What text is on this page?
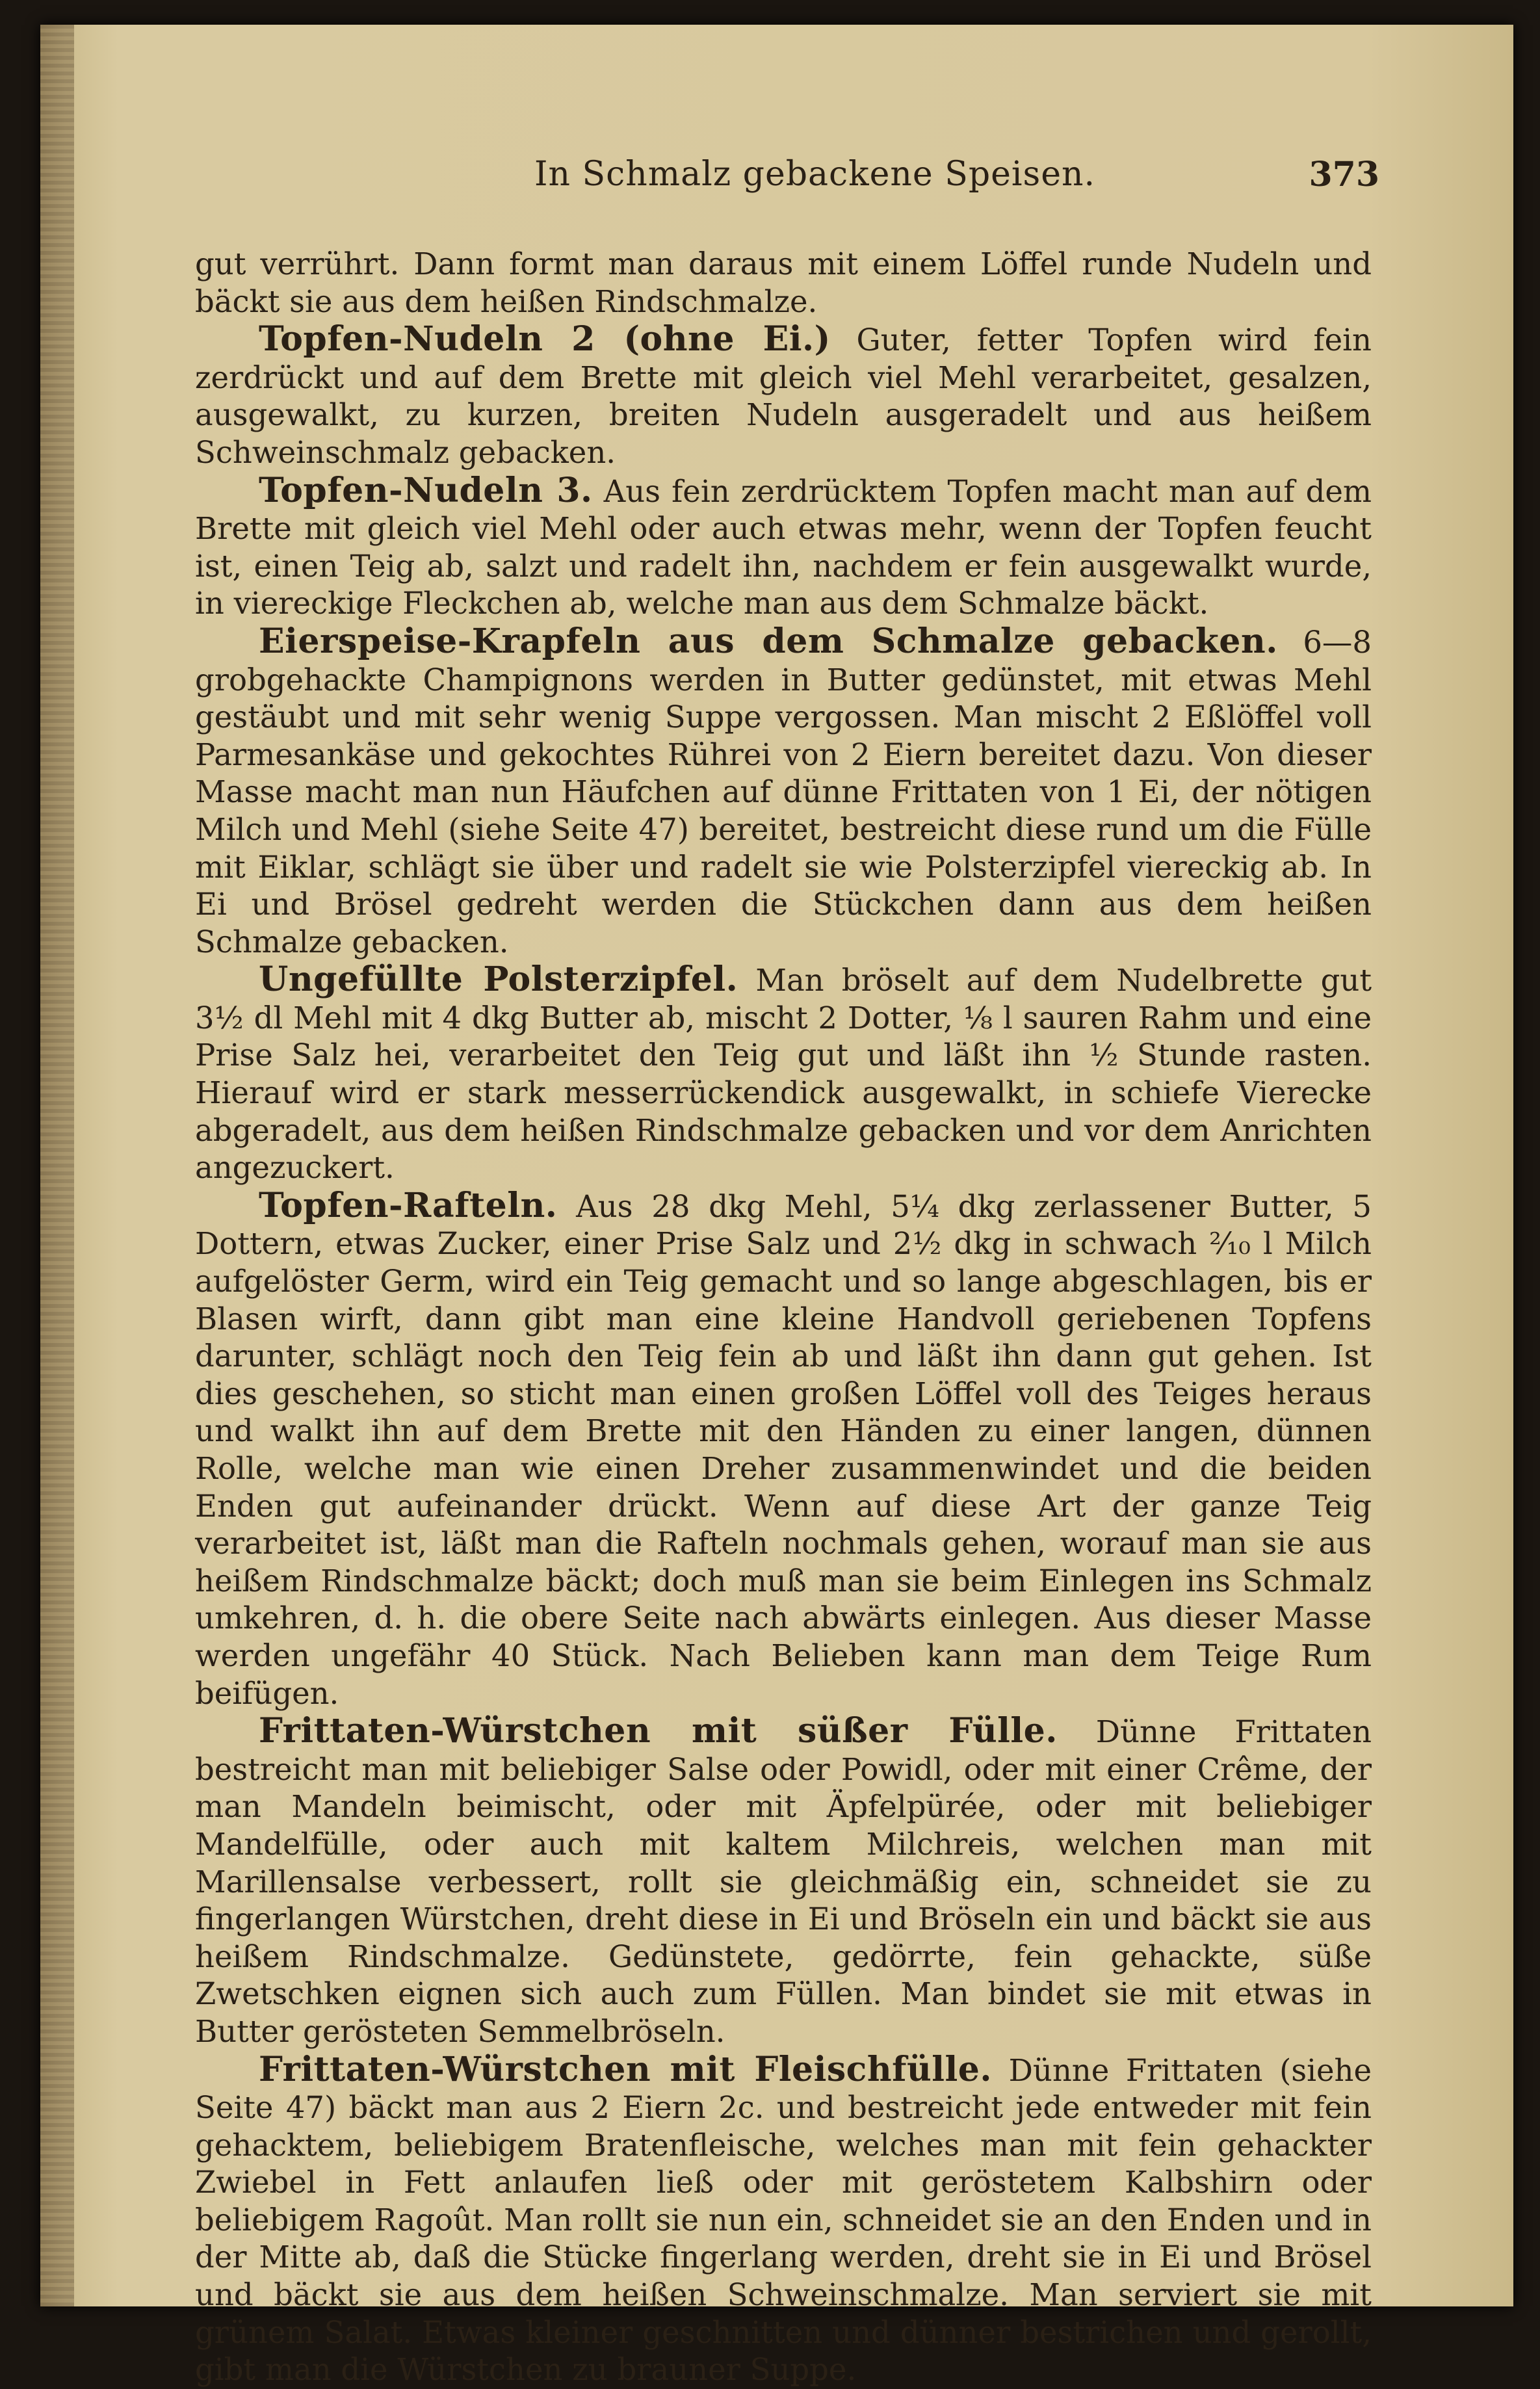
In Schmalz gebackene Speisen.	373

gut verrührt. Dann formt man daraus mit einem Löffel runde Nudeln und bäckt sie aus dem heißen Rindschmalze.

Topfen-Nudeln 2 (ohne Ei.) Guter, fetter Topfen wird fein zerdrückt und auf dem Brette mit gleich viel Mehl verarbeitet, gesalzen, ausgewalkt, zu kurzen, breiten Nudeln ausgeradelt und aus heißem Schweinschmalz gebacken.

Topfen-Nudeln 3. Aus fein zerdrücktem Topfen macht man auf dem Brette mit gleich viel Mehl oder auch etwas mehr, wenn der Topfen feucht ist, einen Teig ab, salzt und radelt ihn, nachdem er fein ausgewalkt wurde, in viereckige Fleckchen ab, welche man aus dem Schmalze bäckt.

Eierspeise-Krapfeln aus dem Schmalze gebacken. 6—8 grobgehackte Champignons werden in Butter gedünstet, mit etwas Mehl gestäubt und mit sehr wenig Suppe vergossen. Man mischt 2 Eßlöffel voll Parmesankäse und gekochtes Rührei von 2 Eiern bereitet dazu. Von dieser Masse macht man nun Häufchen auf dünne Frittaten von 1 Ei, der nötigen Milch und Mehl (siehe Seite 47) bereitet, bestreicht diese rund um die Fülle mit Eiklar, schlägt sie über und radelt sie wie Polsterzipfel viereckig ab. In Ei und Brösel gedreht werden die Stückchen dann aus dem heißen Schmalze gebacken.

Ungefüllte Polsterzipfel. Man bröselt auf dem Nudelbrette gut 3½ dl Mehl mit 4 dkg Butter ab, mischt 2 Dotter, ⅛ l sauren Rahm und eine Prise Salz hei, verarbeitet den Teig gut und läßt ihn ½ Stunde rasten. Hierauf wird er stark messerrückendick ausgewalkt, in schiefe Vierecke abgeradelt, aus dem heißen Rindschmalze gebacken und vor dem Anrichten angezuckert.

Topfen-Rafteln. Aus 28 dkg Mehl, 5¼ dkg zerlassener Butter, 5 Dottern, etwas Zucker, einer Prise Salz und 2½ dkg in schwach ²⁄₁₀ l Milch aufgelöster Germ, wird ein Teig gemacht und so lange abgeschlagen, bis er Blasen wirft, dann gibt man eine kleine Handvoll geriebenen Topfens darunter, schlägt noch den Teig fein ab und läßt ihn dann gut gehen. Ist dies geschehen, so sticht man einen großen Löffel voll des Teiges heraus und walkt ihn auf dem Brette mit den Händen zu einer langen, dünnen Rolle, welche man wie einen Dreher zusammenwindet und die beiden Enden gut aufeinander drückt. Wenn auf diese Art der ganze Teig verarbeitet ist, läßt man die Rafteln nochmals gehen, worauf man sie aus heißem Rindschmalze bäckt; doch muß man sie beim Einlegen ins Schmalz umkehren, d. h. die obere Seite nach abwärts einlegen. Aus dieser Masse werden ungefähr 40 Stück. Nach Belieben kann man dem Teige Rum beifügen.

Frittaten-Würstchen mit süßer Fülle. Dünne Frittaten bestreicht man mit beliebiger Salse oder Powidl, oder mit einer Crême, der man Mandeln beimischt, oder mit Äpfelpürée, oder mit beliebiger Mandelfülle, oder auch mit kaltem Milchreis, welchen man mit Marillensalse verbessert, rollt sie gleichmäßig ein, schneidet sie zu fingerlangen Würstchen, dreht diese in Ei und Bröseln ein und bäckt sie aus heißem Rindschmalze. Gedünstete, gedörrte, fein gehackte, süße Zwetschken eignen sich auch zum Füllen. Man bindet sie mit etwas in Butter gerösteten Semmelbröseln.

Frittaten-Würstchen mit Fleischfülle. Dünne Frittaten (siehe Seite 47) bäckt man aus 2 Eiern 2c. und bestreicht jede entweder mit fein gehacktem, beliebigem Bratenfleische, welches man mit fein gehackter Zwiebel in Fett anlaufen ließ oder mit geröstetem Kalbshirn oder beliebigem Ragoût. Man rollt sie nun ein, schneidet sie an den Enden und in der Mitte ab, daß die Stücke fingerlang werden, dreht sie in Ei und Brösel und bäckt sie aus dem heißen Schweinschmalze. Man serviert sie mit grünem Salat. Etwas kleiner geschnitten und dünner bestrichen und gerollt, gibt man die Würstchen zu brauner Suppe.
